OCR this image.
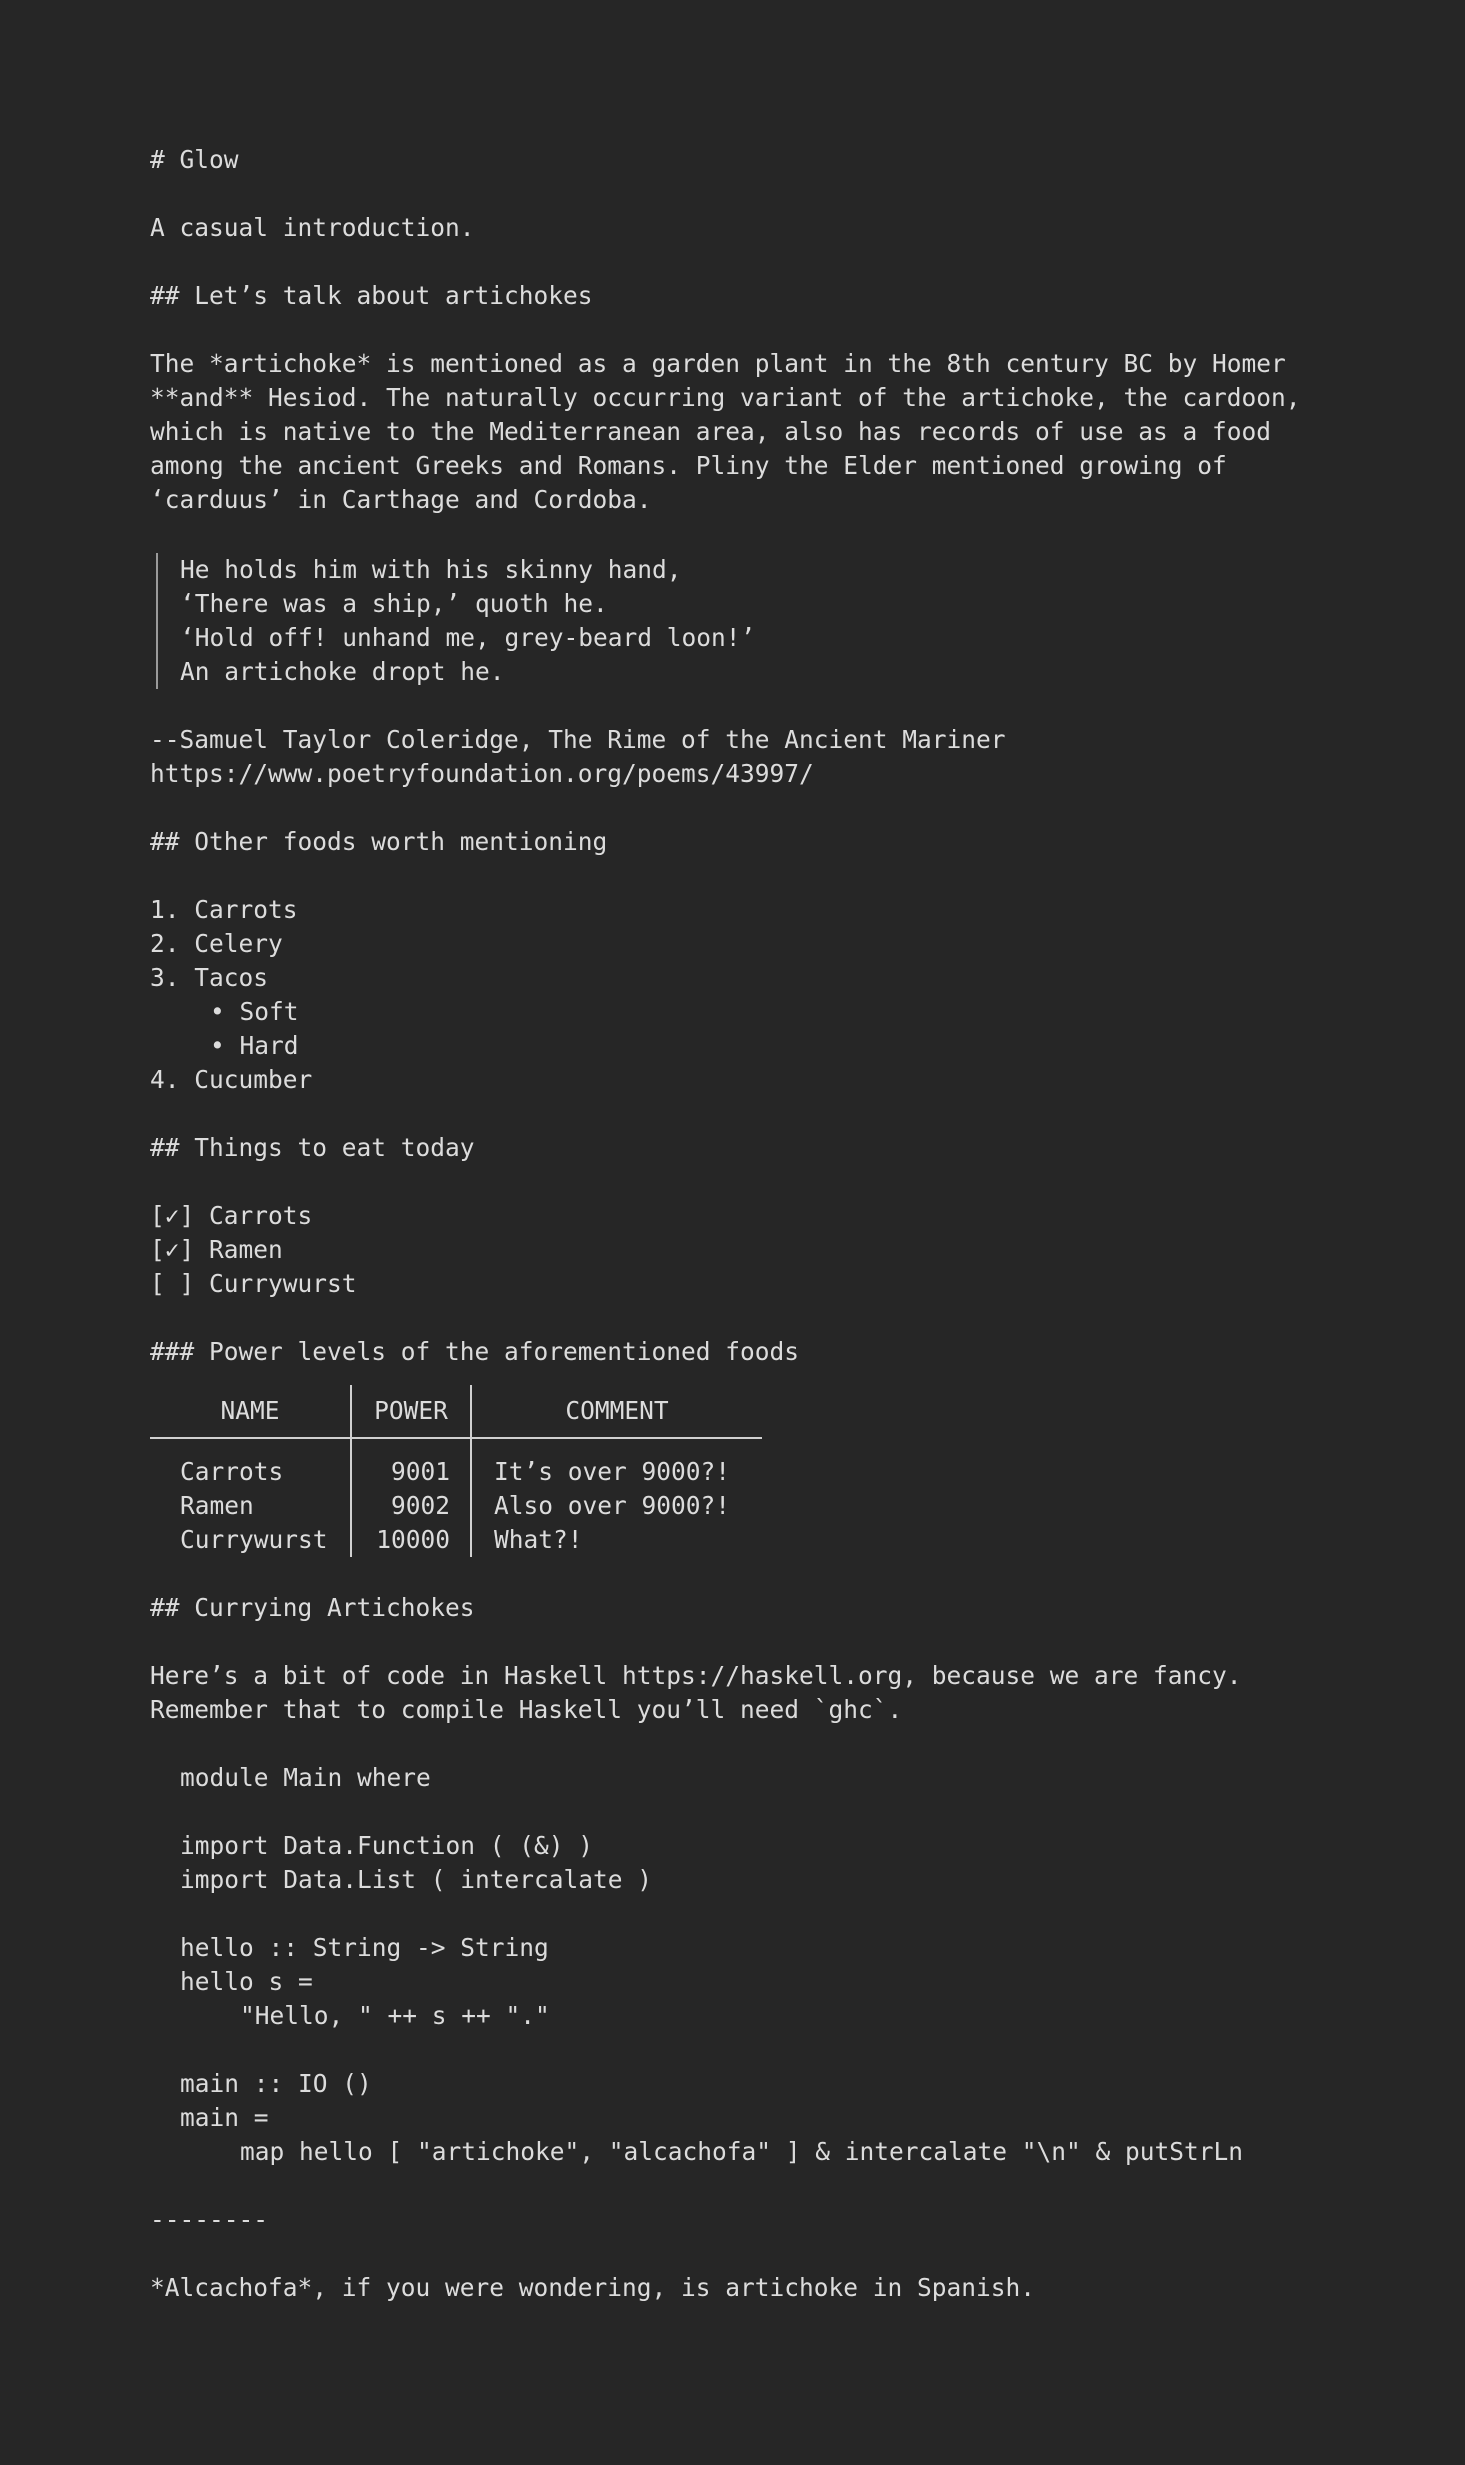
# Glow
A casual introduction.
## Let’s talk about artichokes
The *artichoke* is mentioned as a garden plant in the 8th century BC by Homer
**and** Hesiod. The naturally occurring variant of the artichoke, the cardoon,
which is native to the Mediterranean area, also has records of use as a food
among the ancient Greeks and Romans. Pliny the Elder mentioned growing of
‘carduus’ in Carthage and Cordoba.
He holds him with his skinny hand,
‘There was a ship,’ quoth he.
‘Hold off! unhand me, grey-beard loon!’
An artichoke dropt he.
--Samuel Taylor Coleridge, The Rime of the Ancient Mariner
https://www.poetryfoundation.org/poems/43997/
## Other foods worth mentioning
1. Carrots
2. Celery
3. Tacos
• Soft
• Hard
4. Cucumber
## Things to eat today
[✓] Carrots
[✓] Ramen
[ ] Currywurst
### Power levels of the aforementioned foods
NAME	POWER	COMMENT
Carrots	9001	It’s over 9000?!
Ramen	9002	Also over 9000?!
Currywurst	10000	What?!
## Currying Artichokes
Here’s a bit of code in Haskell https://haskell.org, because we are fancy.
Remember that to compile Haskell you’ll need `ghc`.
module Main where
import Data.Function ( (&) )
import Data.List ( intercalate )
hello :: String -> String
hello s =
"Hello, " ++ s ++ "."
main :: IO ()
main =
map hello [ "artichoke", "alcachofa" ] & intercalate "\n" & putStrLn
--------
*Alcachofa*, if you were wondering, is artichoke in Spanish.
